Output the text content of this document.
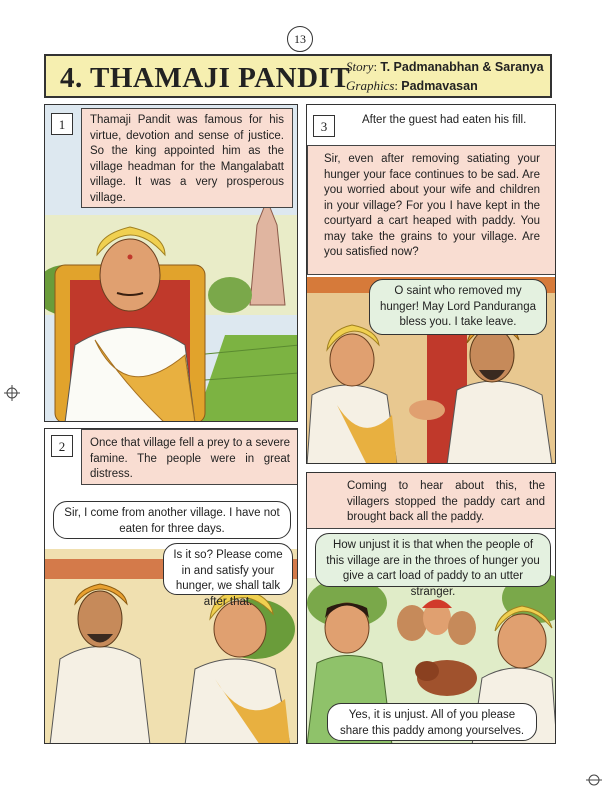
13
4. THAMAJI PANDIT
Story: T. Padmanabhan & Saranya
Graphics: Padmavasan
1	Thamaji Pandit was famous for his virtue, devotion and sense of justice. So the king appointed him as the village headman for the Mangalabatt village. It was a very prosperous village.
2	Once that village fell a prey to a severe famine. The people were in great distress.
Sir, I come from another village. I have not eaten for three days.
Is it so? Please come in and satisfy your hunger, we shall talk after that.
3	After the guest had eaten his fill.
Sir, even after removing satiating your hunger your face continues to be sad. Are you worried about your wife and children in your village? For you I have kept in the courtyard a cart heaped with paddy. You may take the grains to your village. Are you satisfied now?
O saint who removed my hunger! May Lord Panduranga bless you. I take leave.
Coming to hear about this, the villagers stopped the paddy cart and brought back all the paddy.
How unjust it is that when the people of this village are in the throes of hunger you give a cart load of paddy to an utter stranger.
Yes, it is unjust. All of you please share this paddy among yourselves.
